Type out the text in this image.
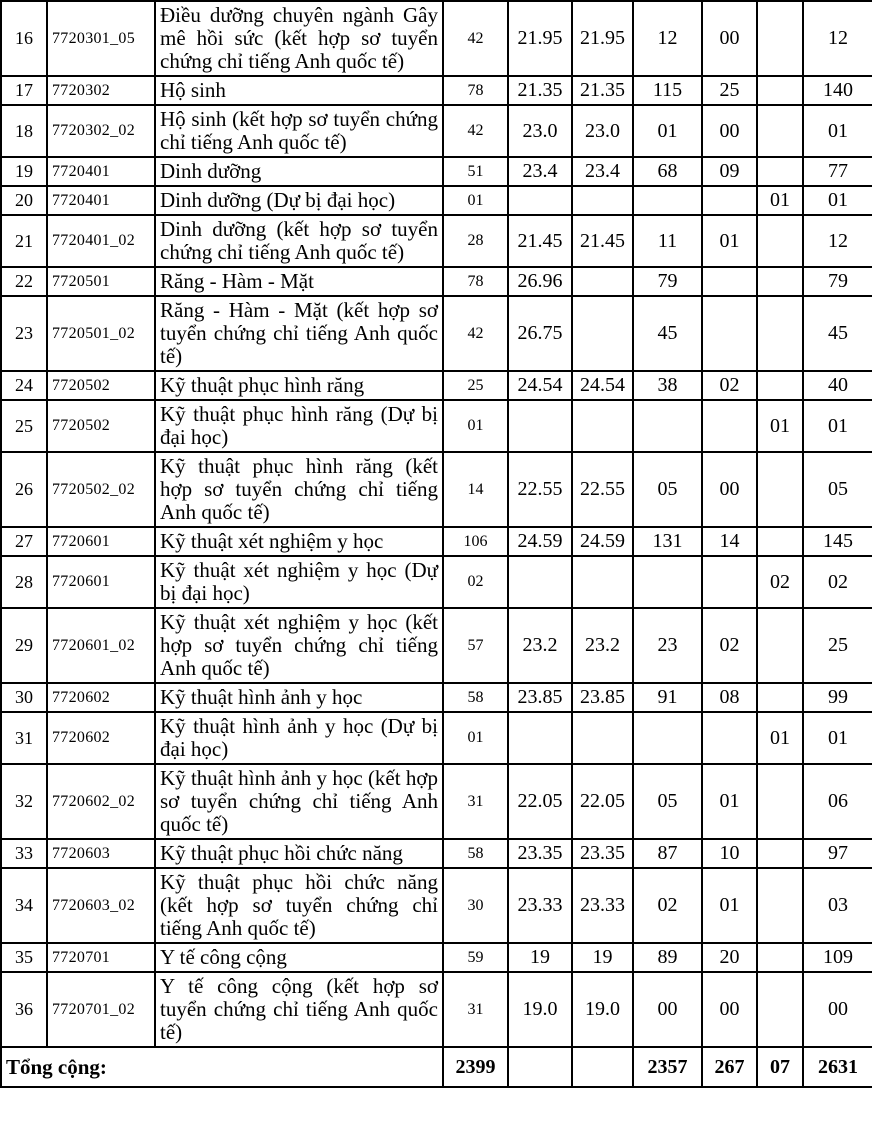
16	7720301_05	Điều dưỡng chuyên ngành Gây mê hồi sức (kết hợp sơ tuyển chứng chỉ tiếng Anh quốc tế)	42	21.95	21.95	12	00		12
17	7720302	Hộ sinh	78	21.35	21.35	115	25		140
18	7720302_02	Hộ sinh (kết hợp sơ tuyển chứng chỉ tiếng Anh quốc tế)	42	23.0	23.0	01	00		01
19	7720401	Dinh dưỡng	51	23.4	23.4	68	09		77
20	7720401	Dinh dưỡng (Dự bị đại học)	01					01	01
21	7720401_02	Dinh dưỡng (kết hợp sơ tuyển chứng chỉ tiếng Anh quốc tế)	28	21.45	21.45	11	01		12
22	7720501	Răng - Hàm - Mặt	78	26.96		79			79
23	7720501_02	Răng - Hàm - Mặt (kết hợp sơ tuyển chứng chỉ tiếng Anh quốc tế)	42	26.75		45			45
24	7720502	Kỹ thuật phục hình răng	25	24.54	24.54	38	02		40
25	7720502	Kỹ thuật phục hình răng (Dự bị đại học)	01					01	01
26	7720502_02	Kỹ thuật phục hình răng (kết hợp sơ tuyển chứng chỉ tiếng Anh quốc tế)	14	22.55	22.55	05	00		05
27	7720601	Kỹ thuật xét nghiệm y học	106	24.59	24.59	131	14		145
28	7720601	Kỹ thuật xét nghiệm y học (Dự bị đại học)	02					02	02
29	7720601_02	Kỹ thuật xét nghiệm y học (kết hợp sơ tuyển chứng chỉ tiếng Anh quốc tế)	57	23.2	23.2	23	02		25
30	7720602	Kỹ thuật hình ảnh y học	58	23.85	23.85	91	08		99
31	7720602	Kỹ thuật hình ảnh y học (Dự bị đại học)	01					01	01
32	7720602_02	Kỹ thuật hình ảnh y học (kết hợp sơ tuyển chứng chỉ tiếng Anh quốc tế)	31	22.05	22.05	05	01		06
33	7720603	Kỹ thuật phục hồi chức năng	58	23.35	23.35	87	10		97
34	7720603_02	Kỹ thuật phục hồi chức năng (kết hợp sơ tuyển chứng chỉ tiếng Anh quốc tế)	30	23.33	23.33	02	01		03
35	7720701	Y tế công cộng	59	19	19	89	20		109
36	7720701_02	Y tế công cộng (kết hợp sơ tuyển chứng chỉ tiếng Anh quốc tế)	31	19.0	19.0	00	00		00
Tổng cộng:			2399			2357	267	07	2631
